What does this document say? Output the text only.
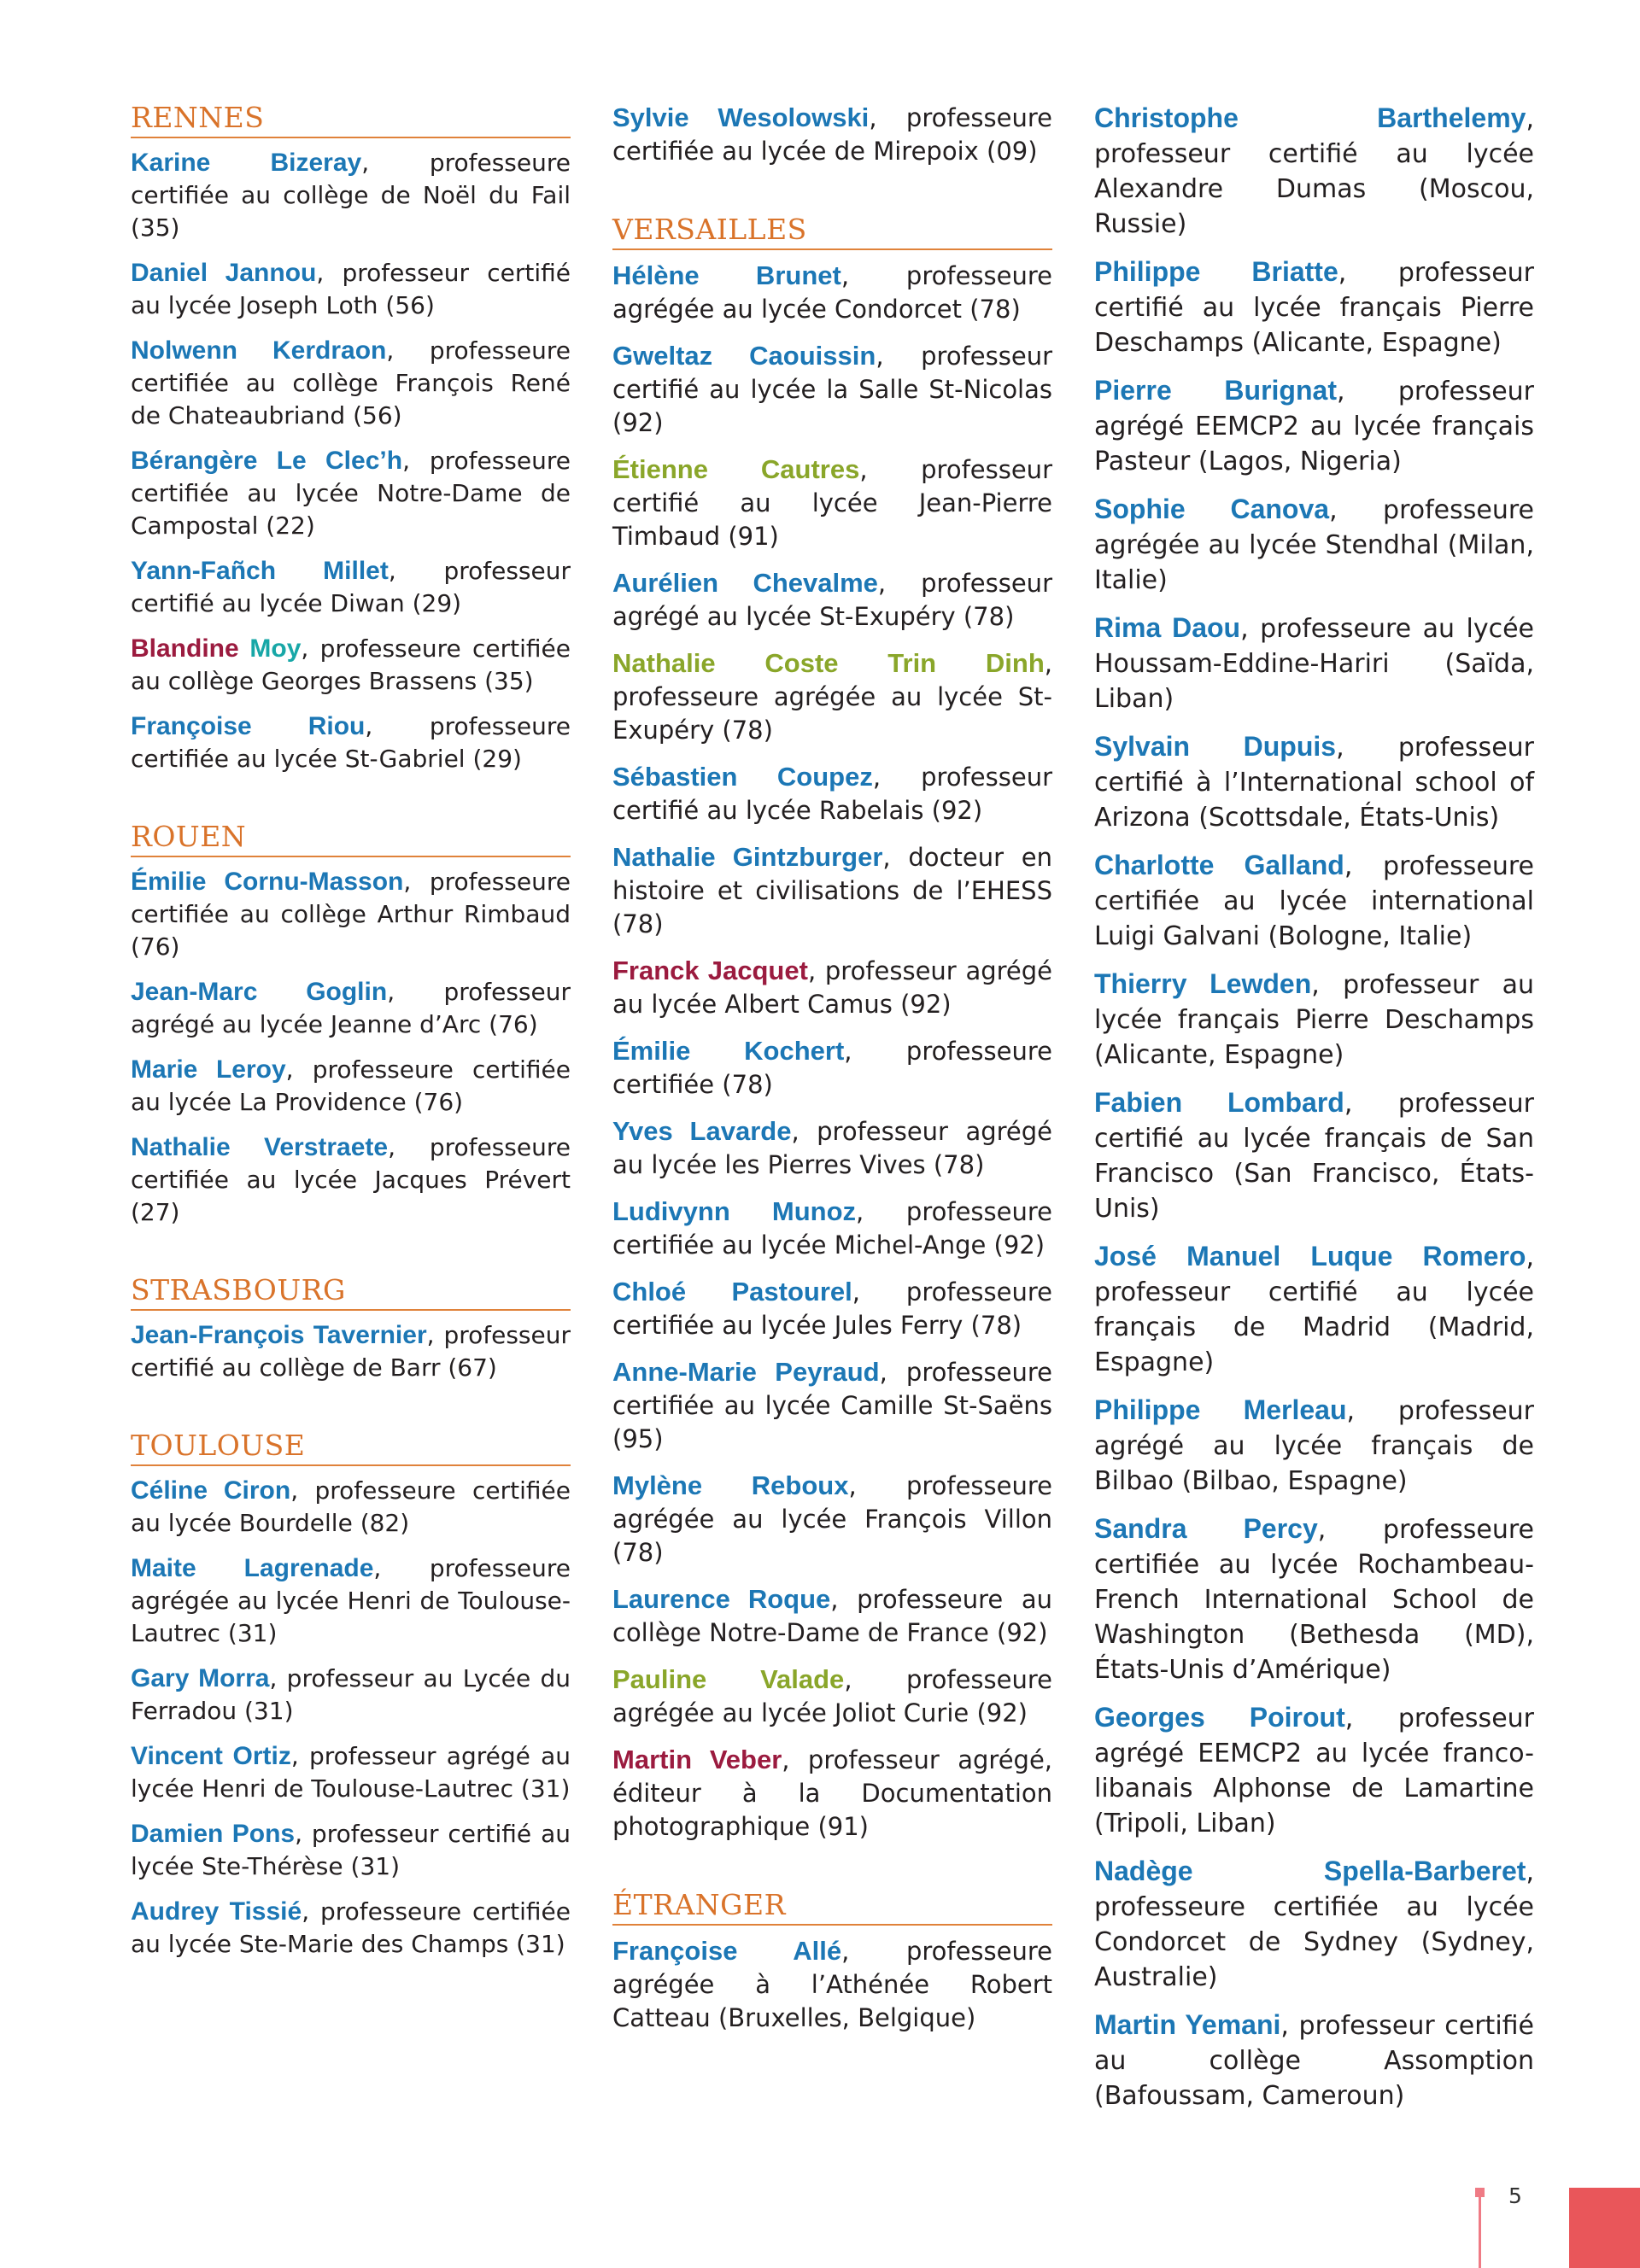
RENNES

Karine Bizeray, professeure certifiée au collège de Noël du Fail (35)

Daniel Jannou, professeur certifié au lycée Joseph Loth (56)

Nolwenn Kerdraon, professeure certifiée au collège François René de Chateaubriand (56)

Bérangère Le Clec’h, professeure certifiée au lycée Notre-Dame de Campostal (22)

Yann-Fañch Millet, professeur certifié au lycée Diwan (29)

Blandine Moy, professeure certifiée au collège Georges Brassens (35)

Françoise Riou, professeure certifiée au lycée St-Gabriel (29)

ROUEN

Émilie Cornu-Masson, professeure certifiée au collège Arthur Rimbaud (76)

Jean-Marc Goglin, professeur agrégé au lycée Jeanne d’Arc (76)

Marie Leroy, professeure certifiée au lycée La Providence (76)

Nathalie Verstraete, professeure certifiée au lycée Jacques Prévert (27)

STRASBOURG

Jean-François Tavernier, professeur certifié au collège de Barr (67)

TOULOUSE

Céline Ciron, professeure certifiée au lycée Bourdelle (82)

Maite Lagrenade, professeure agrégée au lycée Henri de Toulouse-Lautrec (31)

Gary Morra, professeur au Lycée du Ferradou (31)

Vincent Ortiz, professeur agrégé au lycée Henri de Toulouse-Lautrec (31)

Damien Pons, professeur certifié au lycée Ste-Thérèse (31)

Audrey Tissié, professeure certifiée au lycée Ste-Marie des Champs (31)

Sylvie Wesolowski, professeure certifiée au lycée de Mirepoix (09)

VERSAILLES

Hélène Brunet, professeure agrégée au lycée Condorcet (78)

Gweltaz Caouissin, professeur certifié au lycée la Salle St-Nicolas (92)

Étienne Cautres, professeur certifié au lycée Jean-Pierre Timbaud (91)

Aurélien Chevalme, professeur agrégé au lycée St-Exupéry (78)

Nathalie Coste Trin Dinh, professeure agrégée au lycée St-Exupéry (78)

Sébastien Coupez, professeur certifié au lycée Rabelais (92)

Nathalie Gintzburger, docteur en histoire et civilisations de l’EHESS (78)

Franck Jacquet, professeur agrégé au lycée Albert Camus (92)

Émilie Kochert, professeure certifiée (78)

Yves Lavarde, professeur agrégé au lycée les Pierres Vives (78)

Ludivynn Munoz, professeure certifiée au lycée Michel-Ange (92)

Chloé Pastourel, professeure certifiée au lycée Jules Ferry (78)

Anne-Marie Peyraud, professeure certifiée au lycée Camille St-Saëns (95)

Mylène Reboux, professeure agrégée au lycée François Villon (78)

Laurence Roque, professeure au collège Notre-Dame de France (92)

Pauline Valade, professeure agrégée au lycée Joliot Curie (92)

Martin Veber, professeur agrégé, éditeur à la Documentation photographique (91)

ÉTRANGER

Françoise Allé, professeure agrégée à l’Athénée Robert Catteau (Bruxelles, Belgique)

Christophe Barthelemy, professeur certifié au lycée Alexandre Dumas (Moscou, Russie)

Philippe Briatte, professeur certifié au lycée français Pierre Deschamps (Alicante, Espagne)

Pierre Burignat, professeur agrégé EEMCP2 au lycée français Pasteur (Lagos, Nigeria)

Sophie Canova, professeure agrégée au lycée Stendhal (Milan, Italie)

Rima Daou, professeure au lycée Houssam-Eddine-Hariri (Saïda, Liban)

Sylvain Dupuis, professeur certifié à l’International school of Arizona (Scottsdale, États-Unis)

Charlotte Galland, professeure certifiée au lycée international Luigi Galvani (Bologne, Italie)

Thierry Lewden, professeur au lycée français Pierre Deschamps (Alicante, Espagne)

Fabien Lombard, professeur certifié au lycée français de San Francisco (San Francisco, États-Unis)

José Manuel Luque Romero, professeur certifié au lycée français de Madrid (Madrid, Espagne)

Philippe Merleau, professeur agrégé au lycée français de Bilbao (Bilbao, Espagne)

Sandra Percy, professeure certifiée au lycée Rochambeau-French International School de Washington (Bethesda (MD), États-Unis d’Amérique)

Georges Poirout, professeur agrégé EEMCP2 au lycée franco-libanais Alphonse de Lamartine (Tripoli, Liban)

Nadège Spella-Barberet, professeure certifiée au lycée Condorcet de Sydney (Sydney, Australie)

Martin Yemani, professeur certifié au collège Assomption (Bafoussam, Cameroun)

5
